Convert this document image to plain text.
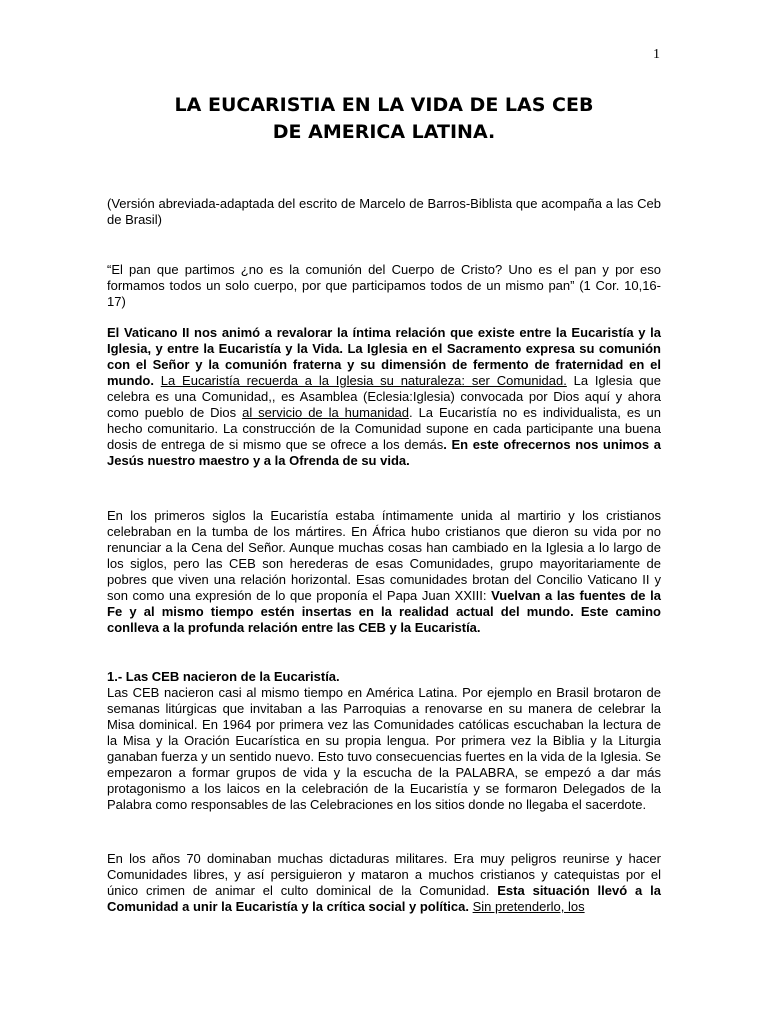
1
LA EUCARISTIA EN LA VIDA DE LAS CEB
DE AMERICA LATINA.

(Versión abreviada-adaptada del escrito de Marcelo de Barros-Biblista que acompaña a las Ceb de Brasil)

“El pan que partimos ¿no es la comunión del Cuerpo de Cristo? Uno es el pan y por eso formamos todos un solo cuerpo, por que participamos todos de un mismo pan” (1 Cor. 10,16-17)

El Vaticano II nos animó a revalorar la íntima relación que existe entre la Eucaristía y la Iglesia, y entre la Eucaristía y la Vida. La Iglesia en el Sacramento expresa su comunión con el Señor y la comunión fraterna y su dimensión de fermento de fraternidad en el mundo. La Eucaristía recuerda a la Iglesia su naturaleza: ser Comunidad. La Iglesia que celebra es una Comunidad,, es Asamblea (Eclesia:Iglesia) convocada por Dios aquí y ahora como pueblo de Dios al servicio de la humanidad. La Eucaristía no es individualista, es un hecho comunitario. La construcción de la Comunidad supone en cada participante una buena dosis de entrega de si mismo que se ofrece a los demás. En este ofrecernos nos unimos a Jesús nuestro maestro y a la Ofrenda de su vida.

En los primeros siglos la Eucaristía estaba íntimamente unida al martirio y los cristianos celebraban en la tumba de los mártires. En África hubo cristianos que dieron su vida por no renunciar a la Cena del Señor. Aunque muchas cosas han cambiado en la Iglesia a lo largo de los siglos, pero las CEB son herederas de esas Comunidades, grupo mayoritariamente de pobres que viven una relación horizontal. Esas comunidades brotan del Concilio Vaticano II y son como una expresión de lo que proponía el Papa Juan XXIII: Vuelvan a las fuentes de la Fe y al mismo tiempo estén insertas en la realidad actual del mundo. Este camino conlleva a la profunda relación entre las CEB y la Eucaristía.

1.- Las CEB nacieron de la Eucaristía.

Las CEB nacieron casi al mismo tiempo en América Latina. Por ejemplo en Brasil brotaron de semanas litúrgicas que invitaban a las Parroquias a renovarse en su manera de celebrar la Misa dominical. En 1964 por primera vez las Comunidades católicas escuchaban la lectura de la Misa y la Oración Eucarística en su propia lengua. Por primera vez la Biblia y la Liturgia ganaban fuerza y un sentido nuevo. Esto tuvo consecuencias fuertes en la vida de la Iglesia. Se empezaron a formar grupos de vida y la escucha de la PALABRA, se empezó a dar más protagonismo a los laicos en la celebración de la Eucaristía y se formaron Delegados de la Palabra como responsables de las Celebraciones en los sitios donde no llegaba el sacerdote.

En los años 70 dominaban muchas dictaduras militares. Era muy peligros reunirse y hacer Comunidades libres, y así persiguieron y mataron a muchos cristianos y catequistas por el único crimen de animar el culto dominical de la Comunidad. Esta situación llevó a la Comunidad a unir la Eucaristía y la crítica social y política. Sin pretenderlo, los
